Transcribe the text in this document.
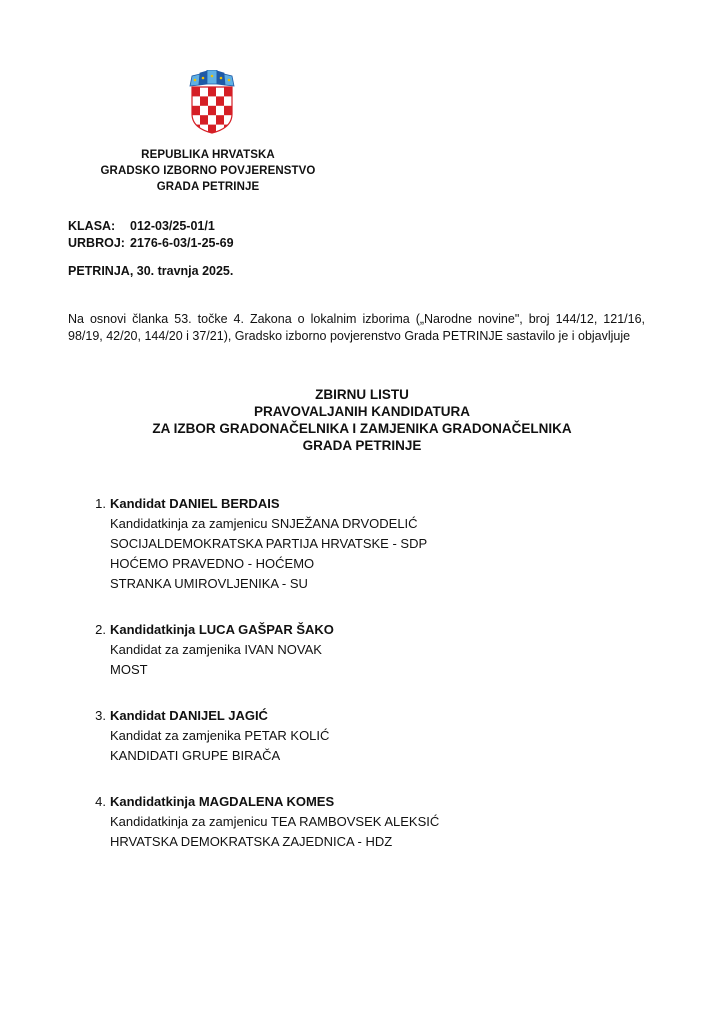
REPUBLIKA HRVATSKA
GRADSKO IZBORNO POVJERENSTVO
GRADA PETRINJE
KLASA: 012-03/25-01/1
URBROJ: 2176-6-03/1-25-69
PETRINJA, 30. travnja 2025.
Na osnovi članka 53. točke 4. Zakona o lokalnim izborima („Narodne novine", broj 144/12, 121/16, 98/19, 42/20, 144/20 i 37/21), Gradsko izborno povjerenstvo Grada PETRINJE sastavilo je i objavljuje
ZBIRNU LISTU
PRAVOVALJANIH KANDIDATURA
ZA IZBOR GRADONAČELNIKA I ZAMJENIKA GRADONAČELNIKA
GRADA PETRINJE
1. Kandidat DANIEL BERDAIS
Kandidatkinja za zamjenicu SNJEŽANA DRVODELIĆ
SOCIJALDEMOKRATSKA PARTIJA HRVATSKE - SDP
HOĆEMO PRAVEDNO - HOĆEMO
STRANKA UMIROVLJENIKA - SU
2. Kandidatkinja LUCA GAŠPAR ŠAKO
Kandidat za zamjenika IVAN NOVAK
MOST
3. Kandidat DANIJEL JAGIĆ
Kandidat za zamjenika PETAR KOLIĆ
KANDIDATI GRUPE BIRAČA
4. Kandidatkinja MAGDALENA KOMES
Kandidatkinja za zamjenicu TEA RAMBOVSEK ALEKSIĆ
HRVATSKA DEMOKRATSKA ZAJEDNICA - HDZ
